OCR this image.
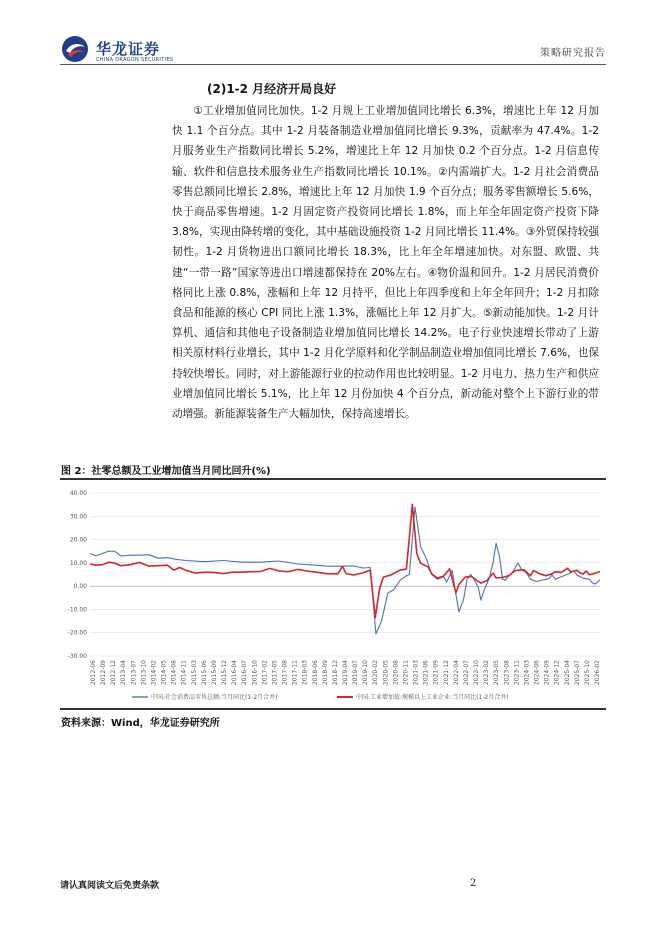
华龙证券
CHINA DRAGON SECURITIES
策略研究报告
(2)1-2 月经济开局良好

①工业增加值同比加快。1-2 月规上工业增加值同比增长 6.3%，增速比上年 12 月加快 1.1 个百分点。其中 1-2 月装备制造业增加值同比增长 9.3%，贡献率为 47.4%。1-2 月服务业生产指数同比增长 5.2%，增速比上年 12 月加快 0.2 个百分点。1-2 月信息传输、软件和信息技术服务业生产指数同比增长 10.1%。②内需端扩大。1-2 月社会消费品零售总额同比增长 2.8%，增速比上年 12 月加快 1.9 个百分点；服务零售额增长 5.6%，快于商品零售增速。1-2 月固定资产投资同比增长 1.8%，而上年全年固定资产投资下降 3.8%，实现由降转增的变化，其中基础设施投资 1-2 月同比增长 11.4%。③外贸保持较强韧性。1-2 月货物进出口额同比增长 18.3%，比上年全年增速加快。对东盟、欧盟、共建“一带一路”国家等进出口增速都保持在 20%左右。④物价温和回升。1-2 月居民消费价格同比上涨 0.8%，涨幅和上年 12 月持平，但比上年四季度和上年全年回升；1-2 月扣除食品和能源的核心 CPI 同比上涨 1.3%，涨幅比上年 12 月扩大。⑤新动能加快。1-2 月计算机、通信和其他电子设备制造业增加值同比增长 14.2%。电子行业快速增长带动了上游相关原材料行业增长，其中 1-2 月化学原料和化学制品制造业增加值同比增长 7.6%，也保持较快增长。同时，对上游能源行业的拉动作用也比较明显。1-2 月电力、热力生产和供应业增加值同比增长 5.1%，比上年 12 月份加快 4 个百分点，新动能对整个上下游行业的带动增强。新能源装备生产大幅加快，保持高速增长。

图 2：社零总额及工业增加值当月同比回升(%)
40.00
30.00
20.00
10.00
0.00
-10.00
-20.00
-30.00
2012-06 2012-09 2012-12 2013-04 2013-07 2013-10 2014-02 2014-05 2014-08 2014-11 2015-03 2015-06 2015-09 2015-12 2016-04 2016-07 2016-10 2017-02 2017-05 2017-08 2017-11 2018-03 2018-06 2018-09 2018-12 2019-04 2019-07 2019-10 2020-02 2020-05 2020-08 2020-11 2021-03 2021-06 2021-09 2021-12 2022-04 2022-07 2022-10 2023-02 2023-05 2023-08 2023-11 2024-03 2024-06 2024-09 2024-12 2025-04 2025-07 2025-10 2026-02
中国:社会消费品零售总额:当月同比(1-2月合并)	中国:工业增加值:规模以上工业企业:当月同比(1-2月合并)
资料来源：Wind，华龙证券研究所
请认真阅读文后免责条款	2
